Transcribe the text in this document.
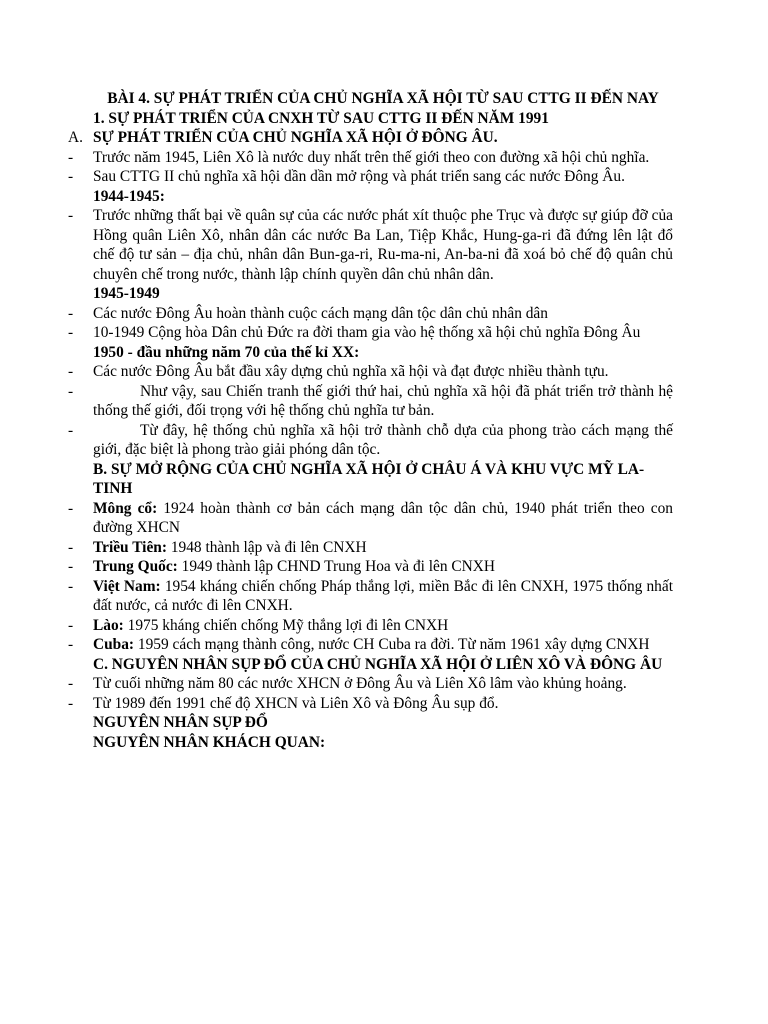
BÀI 4. SỰ PHÁT TRIỂN CỦA CHỦ NGHĨA XÃ HỘI TỪ SAU CTTG II ĐẾN NAY
1. SỰ PHÁT TRIỂN CỦA CNXH TỪ SAU CTTG II ĐẾN NĂM 1991
A. SỰ PHÁT TRIỂN CỦA CHỦ NGHĨA XÃ HỘI Ở ĐÔNG ÂU.
- Trước năm 1945, Liên Xô là nước duy nhất trên thế giới theo con đường xã hội chủ nghĩa.
- Sau CTTG II chủ nghĩa xã hội dần dần mở rộng và phát triển sang các nước Đông Âu.
1944-1945:
- Trước những thất bại về quân sự của các nước phát xít thuộc phe Trục và được sự giúp đỡ của Hồng quân Liên Xô, nhân dân các nước Ba Lan, Tiệp Khắc, Hung-ga-ri đã đứng lên lật đổ chế độ tư sản – địa chủ, nhân dân Bun-ga-ri, Ru-ma-ni, An-ba-ni đã xoá bỏ chế độ quân chủ chuyên chế trong nước, thành lập chính quyền dân chủ nhân dân.
1945-1949
- Các nước Đông Âu hoàn thành cuộc cách mạng dân tộc dân chủ nhân dân
- 10-1949 Cộng hòa Dân chủ Đức ra đời tham gia vào hệ thống xã hội chủ nghĩa Đông Âu
1950 - đầu những năm 70 của thế kỉ XX:
- Các nước Đông Âu bắt đầu xây dựng chủ nghĩa xã hội và đạt được nhiều thành tựu.
-	Như vậy, sau Chiến tranh thế giới thứ hai, chủ nghĩa xã hội đã phát triển trở thành hệ thống thế giới, đối trọng với hệ thống chủ nghĩa tư bản.
-	Từ đây, hệ thống chủ nghĩa xã hội trở thành chỗ dựa của phong trào cách mạng thế giới, đặc biệt là phong trào giải phóng dân tộc.
B. SỰ MỞ RỘNG CỦA CHỦ NGHĨA XÃ HỘI Ở CHÂU Á VÀ KHU VỰC MỸ LA-TINH
- Mông cổ: 1924 hoàn thành cơ bản cách mạng dân tộc dân chủ, 1940 phát triển theo con đường XHCN
- Triều Tiên: 1948 thành lập và đi lên CNXH
- Trung Quốc: 1949 thành lập CHND Trung Hoa và đi lên CNXH
- Việt Nam: 1954 kháng chiến chống Pháp thắng lợi, miền Bắc đi lên CNXH, 1975 thống nhất đất nước, cả nước đi lên CNXH.
- Lào: 1975 kháng chiến chống Mỹ thắng lợi đi lên CNXH
- Cuba: 1959 cách mạng thành công, nước CH Cuba ra đời. Từ năm 1961 xây dựng CNXH
C. NGUYÊN NHÂN SỤP ĐỔ CỦA CHỦ NGHĨA XÃ HỘI Ở LIÊN XÔ VÀ ĐÔNG ÂU
- Từ cuối những năm 80 các nước XHCN ở Đông Âu và Liên Xô lâm vào khủng hoảng.
- Từ 1989 đến 1991 chế độ XHCN và Liên Xô và Đông Âu sụp đổ.
NGUYÊN NHÂN SỤP ĐỔ
NGUYÊN NHÂN KHÁCH QUAN:
